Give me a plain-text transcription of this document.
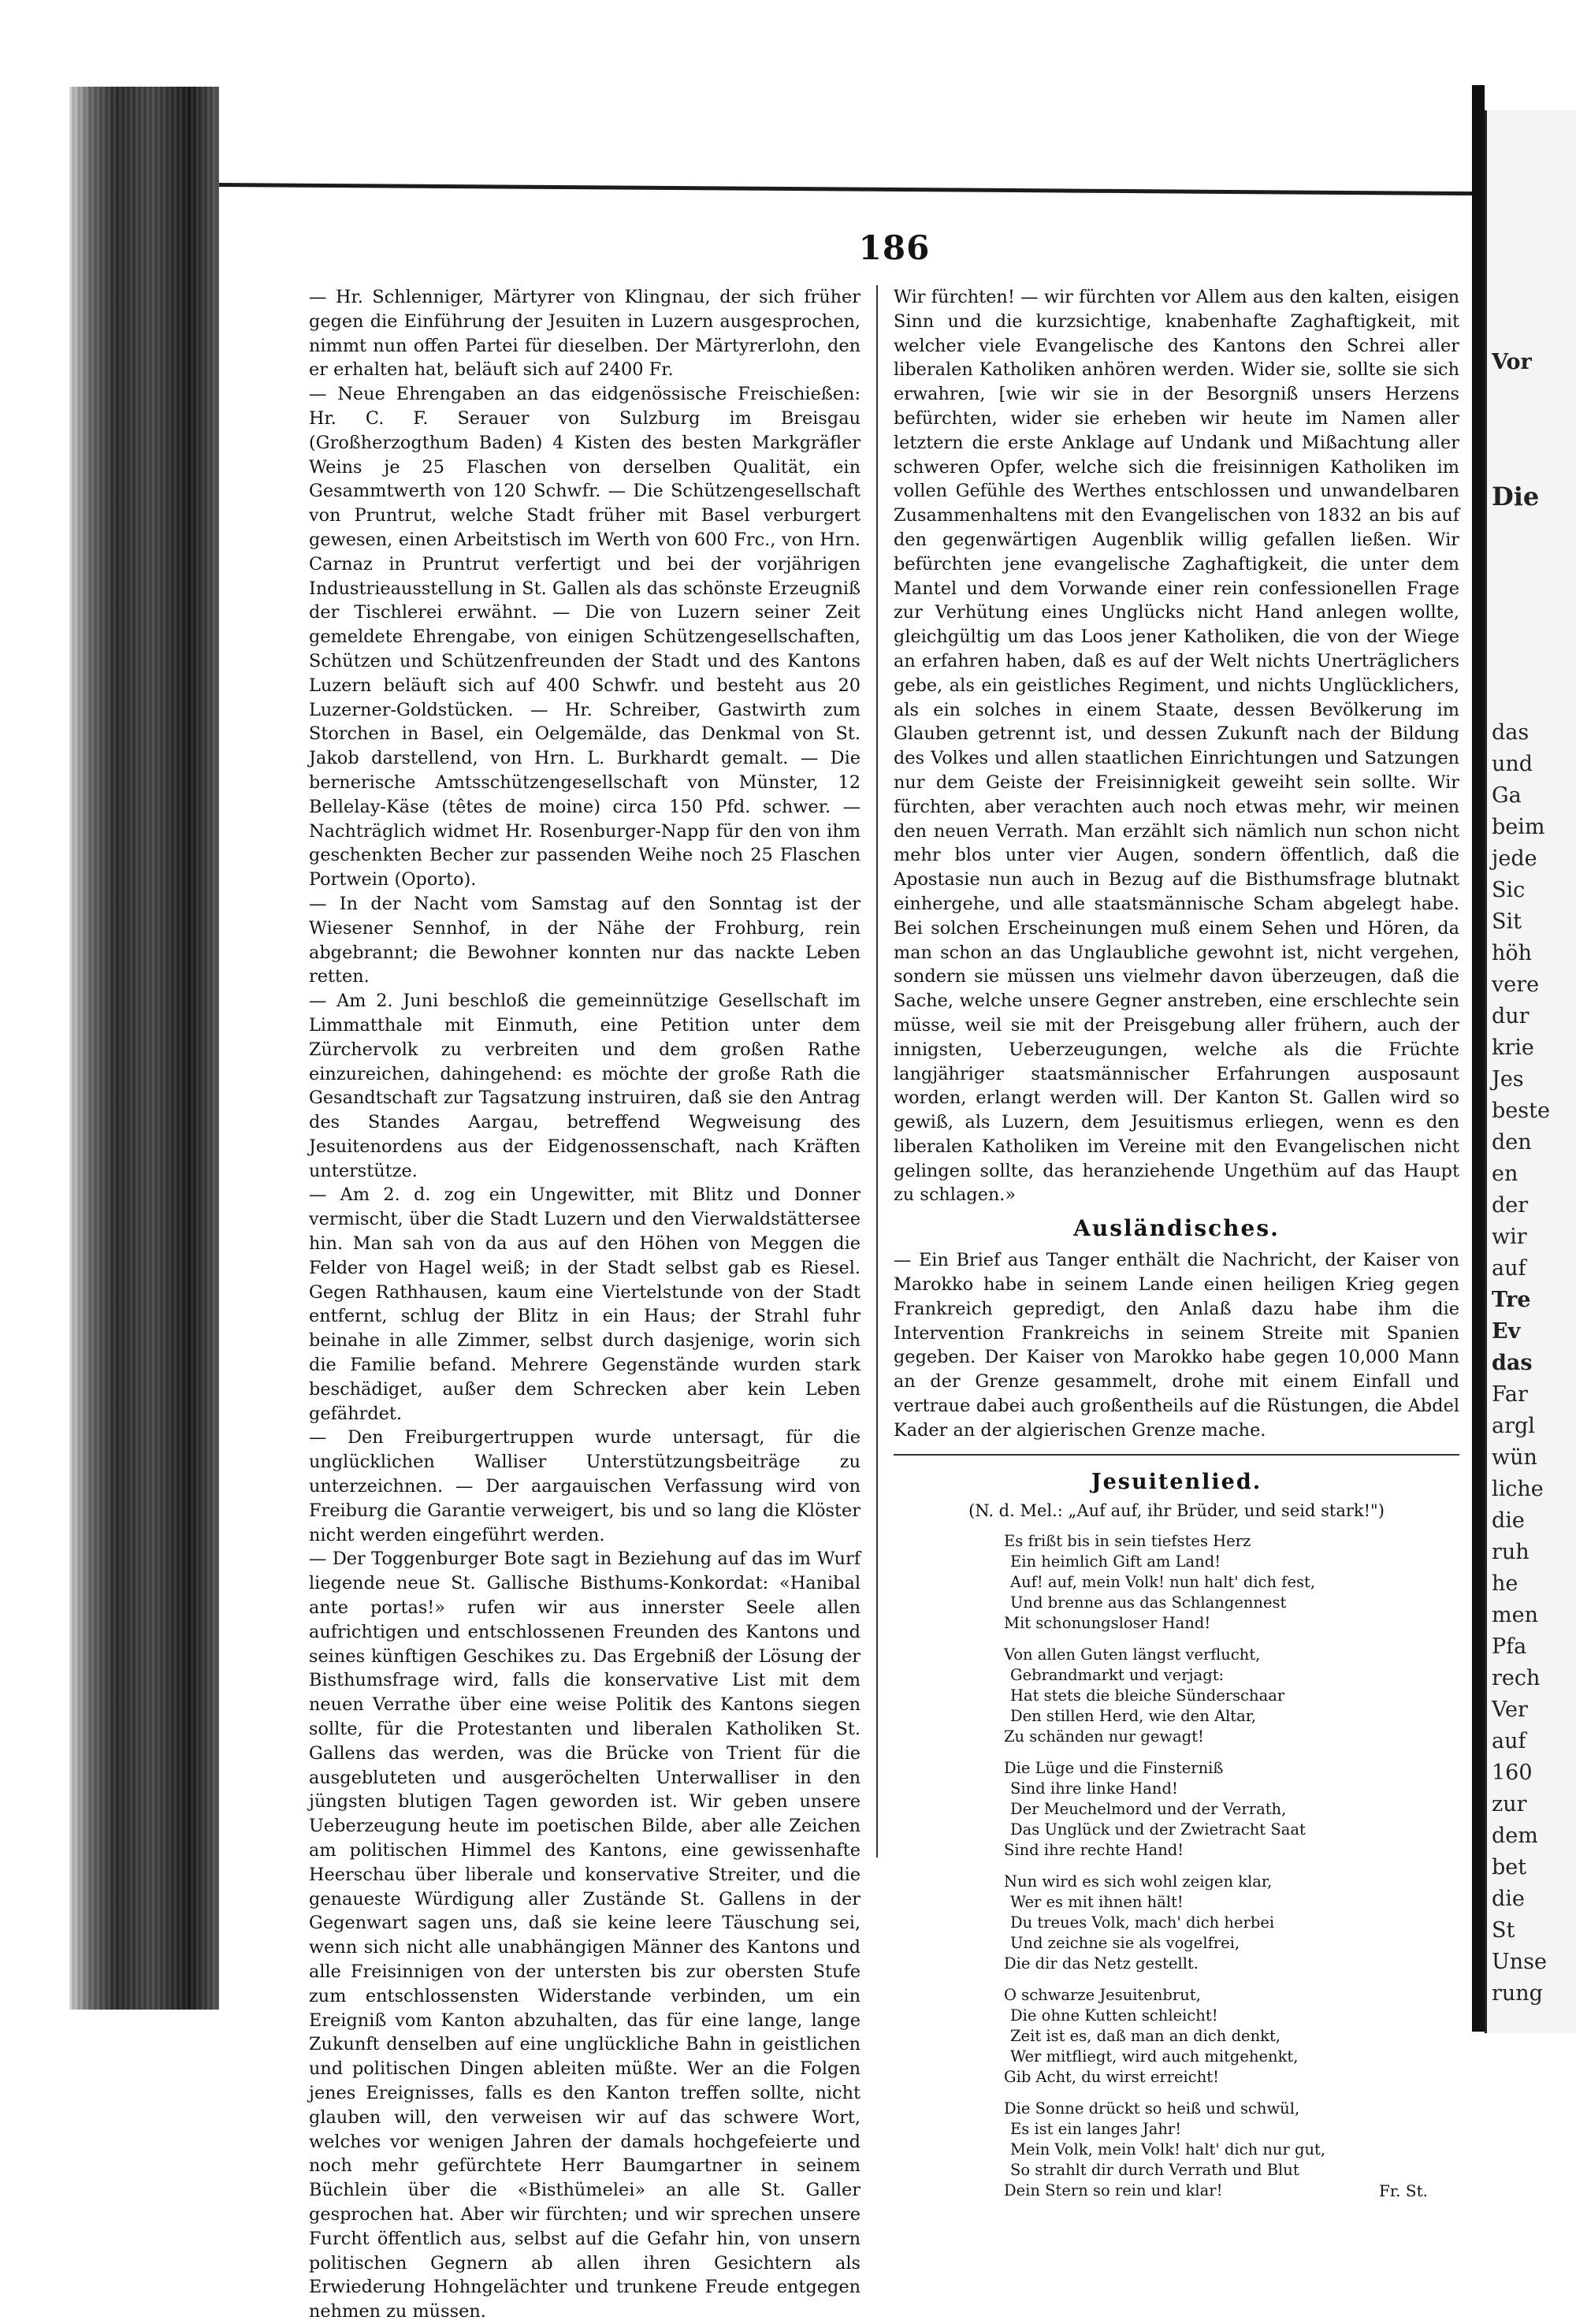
Vor
Die
das
und
Ga
beim
jede
Sic
Sit
höh
vere
dur
krie
Jes
beste
den
en
der
wir
auf
Tre
Ev
das
Far
argl
wün
liche
die
ruh
he
men
Pfa
rech
Ver
auf
160
zur
dem
bet
die
St
Unse
rung
186

— Hr. Schlenniger, Märtyrer von Klingnau, der sich früher gegen die Einführung der Jesuiten in Luzern ausgesprochen, nimmt nun offen Partei für dieselben. Der Märtyrerlohn, den er erhalten hat, beläuft sich auf 2400 Fr.

— Neue Ehrengaben an das eidgenössische Freischießen: Hr. C. F. Serauer von Sulzburg im Breisgau (Großherzogthum Baden) 4 Kisten des besten Markgräfler Weins je 25 Flaschen von derselben Qualität, ein Gesammtwerth von 120 Schwfr. — Die Schützengesellschaft von Pruntrut, welche Stadt früher mit Basel verburgert gewesen, einen Arbeitstisch im Werth von 600 Frc., von Hrn. Carnaz in Pruntrut verfertigt und bei der vorjährigen Industrieausstellung in St. Gallen als das schönste Erzeugniß der Tischlerei erwähnt. — Die von Luzern seiner Zeit gemeldete Ehrengabe, von einigen Schützengesellschaften, Schützen und Schützenfreunden der Stadt und des Kantons Luzern beläuft sich auf 400 Schwfr. und besteht aus 20 Luzerner-Goldstücken. — Hr. Schreiber, Gastwirth zum Storchen in Basel, ein Oelgemälde, das Denkmal von St. Jakob darstellend, von Hrn. L. Burkhardt gemalt. — Die bernerische Amtsschützengesellschaft von Münster, 12 Bellelay-Käse (têtes de moine) circa 150 Pfd. schwer. — Nachträglich widmet Hr. Rosenburger-Napp für den von ihm geschenkten Becher zur passenden Weihe noch 25 Flaschen Portwein (Oporto).

— In der Nacht vom Samstag auf den Sonntag ist der Wiesener Sennhof, in der Nähe der Frohburg, rein abgebrannt; die Bewohner konnten nur das nackte Leben retten.

— Am 2. Juni beschloß die gemeinnützige Gesellschaft im Limmatthale mit Einmuth, eine Petition unter dem Zürchervolk zu verbreiten und dem großen Rathe einzureichen, dahingehend: es möchte der große Rath die Gesandtschaft zur Tagsatzung instruiren, daß sie den Antrag des Standes Aargau, betreffend Wegweisung des Jesuitenordens aus der Eidgenossenschaft, nach Kräften unterstütze.

— Am 2. d. zog ein Ungewitter, mit Blitz und Donner vermischt, über die Stadt Luzern und den Vierwaldstättersee hin. Man sah von da aus auf den Höhen von Meggen die Felder von Hagel weiß; in der Stadt selbst gab es Riesel. Gegen Rathhausen, kaum eine Viertelstunde von der Stadt entfernt, schlug der Blitz in ein Haus; der Strahl fuhr beinahe in alle Zimmer, selbst durch dasjenige, worin sich die Familie befand. Mehrere Gegenstände wurden stark beschädiget, außer dem Schrecken aber kein Leben gefährdet.

— Den Freiburgertruppen wurde untersagt, für die unglücklichen Walliser Unterstützungsbeiträge zu unterzeichnen. — Der aargauischen Verfassung wird von Freiburg die Garantie verweigert, bis und so lang die Klöster nicht werden eingeführt werden.

— Der Toggenburger Bote sagt in Beziehung auf das im Wurf liegende neue St. Gallische Bisthums-Konkordat: «Hanibal ante portas!» rufen wir aus innerster Seele allen aufrichtigen und entschlossenen Freunden des Kantons und seines künftigen Geschikes zu. Das Ergebniß der Lösung der Bisthumsfrage wird, falls die konservative List mit dem neuen Verrathe über eine weise Politik des Kantons siegen sollte, für die Protestanten und liberalen Katholiken St. Gallens das werden, was die Brücke von Trient für die ausgebluteten und ausgeröchelten Unterwalliser in den jüngsten blutigen Tagen geworden ist. Wir geben unsere Ueberzeugung heute im poetischen Bilde, aber alle Zeichen am politischen Himmel des Kantons, eine gewissenhafte Heerschau über liberale und konservative Streiter, und die genaueste Würdigung aller Zustände St. Gallens in der Gegenwart sagen uns, daß sie keine leere Täuschung sei, wenn sich nicht alle unabhängigen Männer des Kantons und alle Freisinnigen von der untersten bis zur obersten Stufe zum entschlossensten Widerstande verbinden, um ein Ereigniß vom Kanton abzuhalten, das für eine lange, lange Zukunft denselben auf eine unglückliche Bahn in geistlichen und politischen Dingen ableiten müßte. Wer an die Folgen jenes Ereignisses, falls es den Kanton treffen sollte, nicht glauben will, den verweisen wir auf das schwere Wort, welches vor wenigen Jahren der damals hochgefeierte und noch mehr gefürchtete Herr Baumgartner in seinem Büchlein über die «Bisthümelei» an alle St. Galler gesprochen hat. Aber wir fürchten; und wir sprechen unsere Furcht öffentlich aus, selbst auf die Gefahr hin, von unsern politischen Gegnern ab allen ihren Gesichtern als Erwiederung Hohngelächter und trunkene Freude entgegen nehmen zu müssen.

Wir fürchten! — wir fürchten vor Allem aus den kalten, eisigen Sinn und die kurzsichtige, knabenhafte Zaghaftigkeit, mit welcher viele Evangelische des Kantons den Schrei aller liberalen Katholiken anhören werden. Wider sie, sollte sie sich erwahren, [wie wir sie in der Besorgniß unsers Herzens befürchten, wider sie erheben wir heute im Namen aller letztern die erste Anklage auf Undank und Mißachtung aller schweren Opfer, welche sich die freisinnigen Katholiken im vollen Gefühle des Werthes entschlossen und unwandelbaren Zusammenhaltens mit den Evangelischen von 1832 an bis auf den gegenwärtigen Augenblik willig gefallen ließen. Wir befürchten jene evangelische Zaghaftigkeit, die unter dem Mantel und dem Vorwande einer rein confessionellen Frage zur Verhütung eines Unglücks nicht Hand anlegen wollte, gleichgültig um das Loos jener Katholiken, die von der Wiege an erfahren haben, daß es auf der Welt nichts Unerträglichers gebe, als ein geistliches Regiment, und nichts Unglücklichers, als ein solches in einem Staate, dessen Bevölkerung im Glauben getrennt ist, und dessen Zukunft nach der Bildung des Volkes und allen staatlichen Einrichtungen und Satzungen nur dem Geiste der Freisinnigkeit geweiht sein sollte. Wir fürchten, aber verachten auch noch etwas mehr, wir meinen den neuen Verrath. Man erzählt sich nämlich nun schon nicht mehr blos unter vier Augen, sondern öffentlich, daß die Apostasie nun auch in Bezug auf die Bisthumsfrage blutnakt einhergehe, und alle staatsmännische Scham abgelegt habe. Bei solchen Erscheinungen muß einem Sehen und Hören, da man schon an das Unglaubliche gewohnt ist, nicht vergehen, sondern sie müssen uns vielmehr davon überzeugen, daß die Sache, welche unsere Gegner anstreben, eine erschlechte sein müsse, weil sie mit der Preisgebung aller frühern, auch der innigsten, Ueberzeugungen, welche als die Früchte langjähriger staatsmännischer Erfahrungen ausposaunt worden, erlangt werden will. Der Kanton St. Gallen wird so gewiß, als Luzern, dem Jesuitismus erliegen, wenn es den liberalen Katholiken im Vereine mit den Evangelischen nicht gelingen sollte, das heranziehende Ungethüm auf das Haupt zu schlagen.»

Ausländisches.

— Ein Brief aus Tanger enthält die Nachricht, der Kaiser von Marokko habe in seinem Lande einen heiligen Krieg gegen Frankreich gepredigt, den Anlaß dazu habe ihm die Intervention Frankreichs in seinem Streite mit Spanien gegeben. Der Kaiser von Marokko habe gegen 10,000 Mann an der Grenze gesammelt, drohe mit einem Einfall und vertraue dabei auch großentheils auf die Rüstungen, die Abdel Kader an der algierischen Grenze mache.

Jesuitenlied.
(N. d. Mel.: „Auf auf, ihr Brüder, und seid stark!")
Es frißt bis in sein tiefstes Herz
Ein heimlich Gift am Land!
Auf! auf, mein Volk! nun halt' dich fest,
Und brenne aus das Schlangennest
Mit schonungsloser Hand!
Von allen Guten längst verflucht,
Gebrandmarkt und verjagt:
Hat stets die bleiche Sünderschaar
Den stillen Herd, wie den Altar,
Zu schänden nur gewagt!
Die Lüge und die Finsterniß
Sind ihre linke Hand!
Der Meuchelmord und der Verrath,
Das Unglück und der Zwietracht Saat
Sind ihre rechte Hand!
Nun wird es sich wohl zeigen klar,
Wer es mit ihnen hält!
Du treues Volk, mach' dich herbei
Und zeichne sie als vogelfrei,
Die dir das Netz gestellt.
O schwarze Jesuitenbrut,
Die ohne Kutten schleicht!
Zeit ist es, daß man an dich denkt,
Wer mitfliegt, wird auch mitgehenkt,
Gib Acht, du wirst erreicht!
Die Sonne drückt so heiß und schwül,
Es ist ein langes Jahr!
Mein Volk, mein Volk! halt' dich nur gut,
So strahlt dir durch Verrath und Blut
Dein Stern so rein und klar!	Fr. St.
